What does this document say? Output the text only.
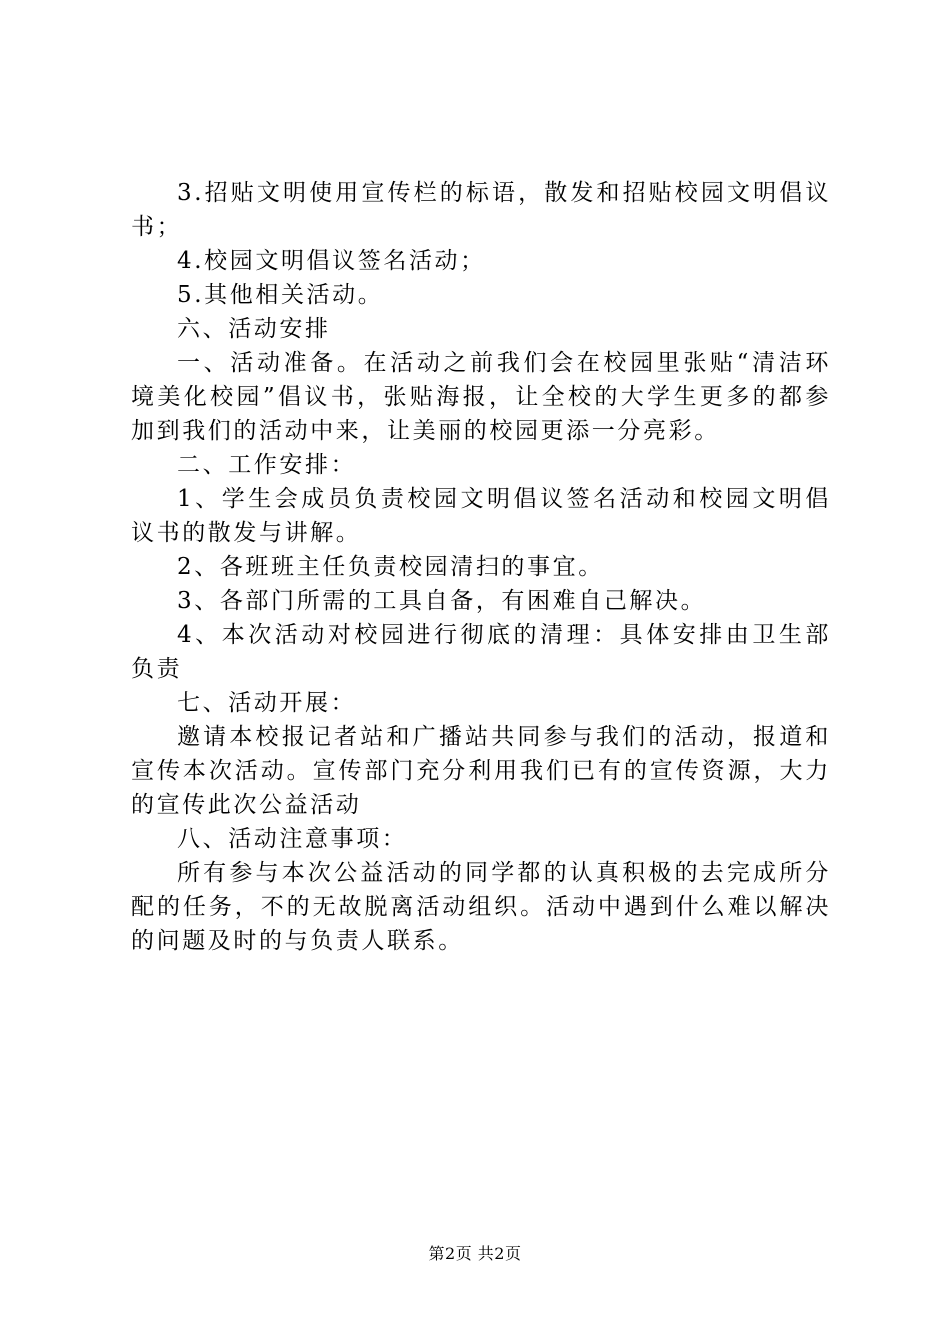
3.招贴文明使用宣传栏的标语，散发和招贴校园文明倡议书；

4.校园文明倡议签名活动；

5.其他相关活动。

六、活动安排

一、活动准备。在活动之前我们会在校园里张贴“清洁环境美化校园”倡议书，张贴海报，让全校的大学生更多的都参加到我们的活动中来，让美丽的校园更添一分亮彩。

二、工作安排：

1、学生会成员负责校园文明倡议签名活动和校园文明倡议书的散发与讲解。

2、各班班主任负责校园清扫的事宜。

3、各部门所需的工具自备，有困难自己解决。

4、本次活动对校园进行彻底的清理：具体安排由卫生部负责

七、活动开展：

邀请本校报记者站和广播站共同参与我们的活动，报道和宣传本次活动。宣传部门充分利用我们已有的宣传资源，大力的宣传此次公益活动

八、活动注意事项：

所有参与本次公益活动的同学都的认真积极的去完成所分配的任务，不的无故脱离活动组织。活动中遇到什么难以解决的问题及时的与负责人联系。

第2页 共2页
